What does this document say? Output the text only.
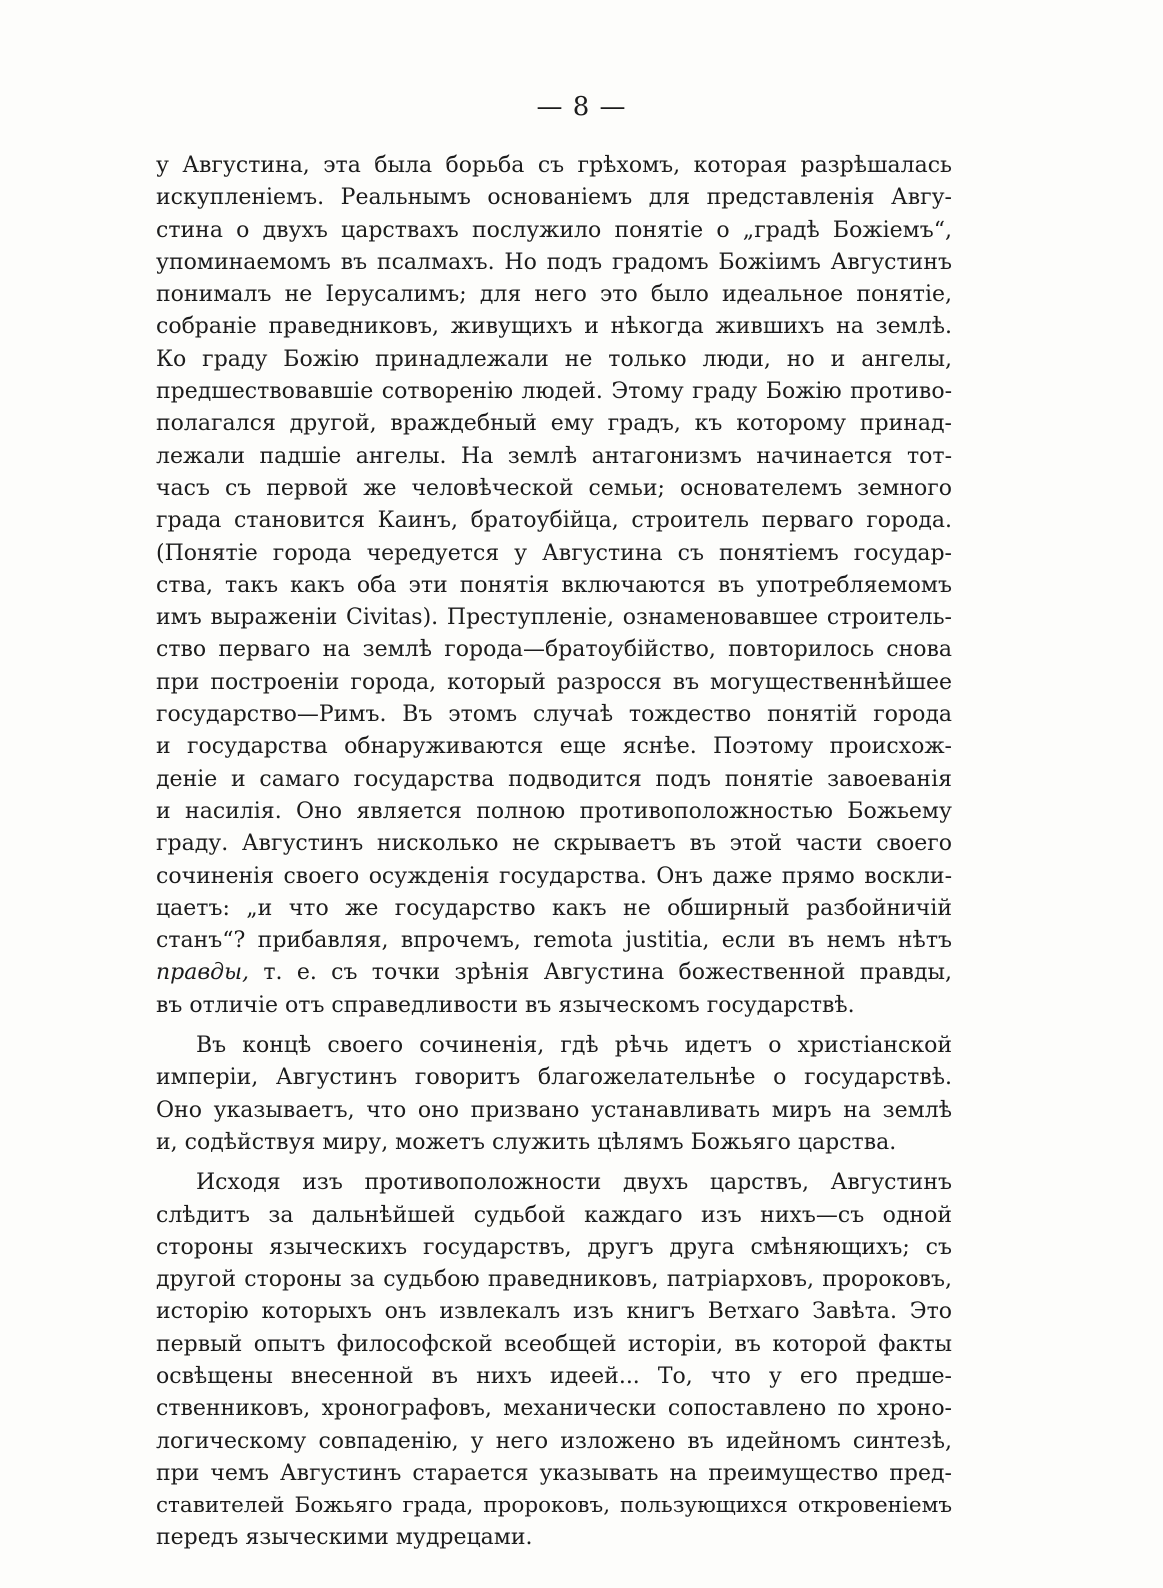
— 8 —
у Августина, эта была борьба съ грѣхомъ, которая разрѣшалась
искупленіемъ. Реальнымъ основаніемъ для представленія Авгу-
стина о двухъ царствахъ послужило понятіе о „градѣ Божіемъ“,
упоминаемомъ въ псалмахъ. Но подъ градомъ Божіимъ Августинъ
понималъ не Іерусалимъ; для него это было идеальное понятіе,
собраніе праведниковъ, живущихъ и нѣкогда жившихъ на землѣ.
Ко граду Божію принадлежали не только люди, но и ангелы,
предшествовавшіе сотворенію людей. Этому граду Божію противо-
полагался другой, враждебный ему градъ, къ которому принад-
лежали падшіе ангелы. На землѣ антагонизмъ начинается тот-
часъ съ первой же человѣческой семьи; основателемъ земного
града становится Каинъ, братоубійца, строитель перваго города.
(Понятіе города чередуется у Августина съ понятіемъ государ-
ства, такъ какъ оба эти понятія включаются въ употребляемомъ
имъ выраженіи Civitas). Преступленіе, ознаменовавшее строитель-
ство перваго на землѣ города—братоубійство, повторилось снова
при построеніи города, который разросся въ могущественнѣйшее
государство—Римъ. Въ этомъ случаѣ тождество понятій города
и государства обнаруживаются еще яснѣе. Поэтому происхож-
деніе и самаго государства подводится подъ понятіе завоеванія
и насилія. Оно является полною противоположностью Божьему
граду. Августинъ нисколько не скрываетъ въ этой части своего
сочиненія своего осужденія государства. Онъ даже прямо воскли-
цаетъ: „и что же государство какъ не обширный разбойничій
станъ“? прибавляя, впрочемъ, remota justitia, если въ немъ нѣтъ
правды, т. е. съ точки зрѣнія Августина божественной правды,
въ отличіе отъ справедливости въ языческомъ государствѣ.
Въ концѣ своего сочиненія, гдѣ рѣчь идетъ о христіанской
имперіи, Августинъ говоритъ благожелательнѣе о государствѣ.
Оно указываетъ, что оно призвано устанавливать миръ на землѣ
и, содѣйствуя миру, можетъ служить цѣлямъ Божьяго царства.
Исходя изъ противоположности двухъ царствъ, Августинъ
слѣдитъ за дальнѣйшей судьбой каждаго изъ нихъ—съ одной
стороны языческихъ государствъ, другъ друга смѣняющихъ; съ
другой стороны за судьбою праведниковъ, патріарховъ, пророковъ,
исторію которыхъ онъ извлекалъ изъ книгъ Ветхаго Завѣта. Это
первый опытъ философской всеобщей исторіи, въ которой факты
освѣщены внесенной въ нихъ идеей... То, что у его предше-
ственниковъ, хронографовъ, механически сопоставлено по хроно-
логическому совпаденію, у него изложено въ идейномъ синтезѣ,
при чемъ Августинъ старается указывать на преимущество пред-
ставителей Божьяго града, пророковъ, пользующихся откровеніемъ
передъ языческими мудрецами.
